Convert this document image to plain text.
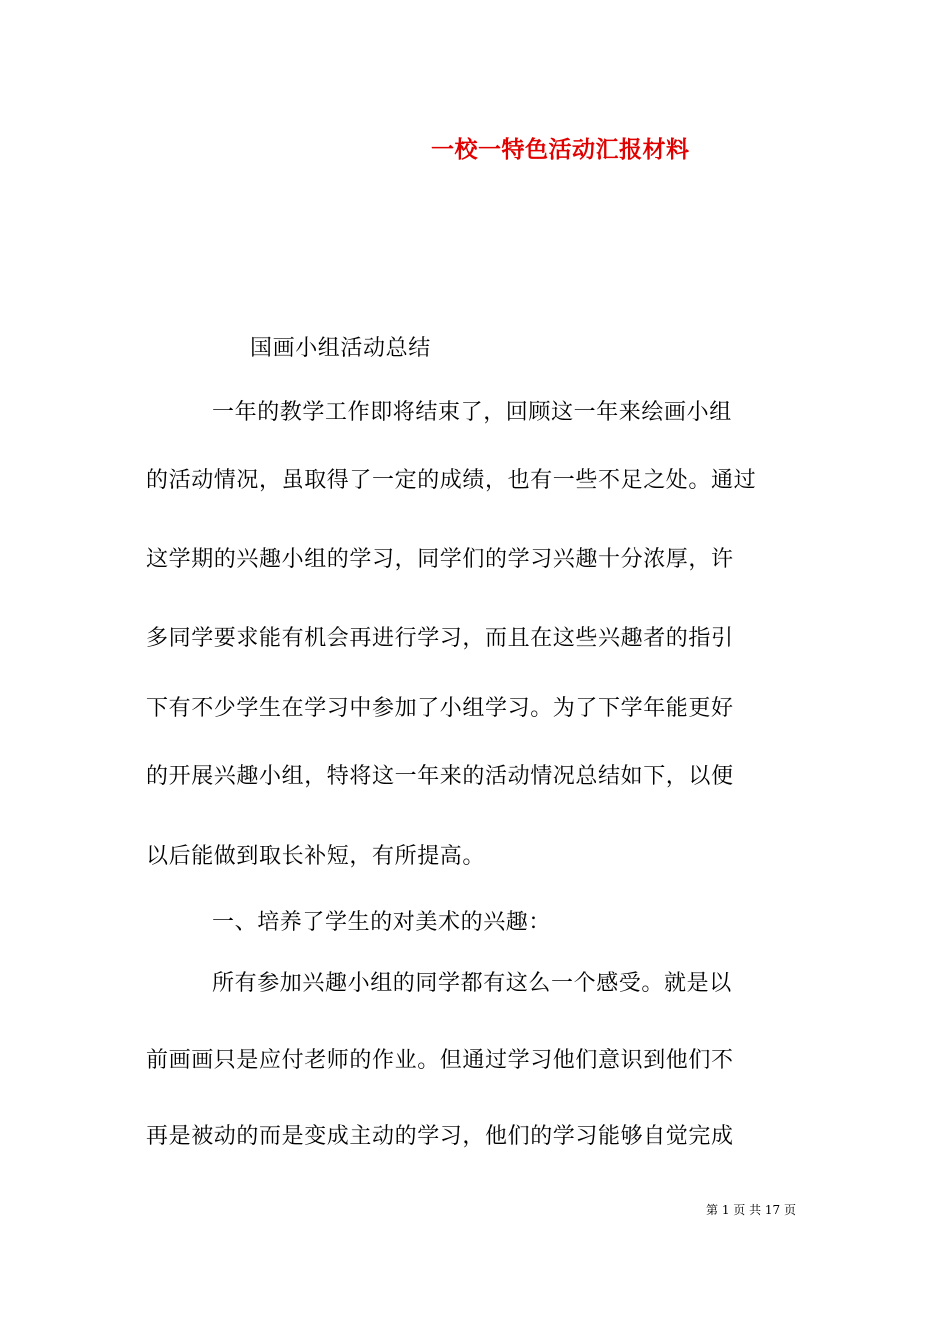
一校一特色活动汇报材料

国画小组活动总结

一年的教学工作即将结束了，回顾这一年来绘画小组

的活动情况，虽取得了一定的成绩，也有一些不足之处。通过

这学期的兴趣小组的学习，同学们的学习兴趣十分浓厚，许

多同学要求能有机会再进行学习，而且在这些兴趣者的指引

下有不少学生在学习中参加了小组学习。为了下学年能更好

的开展兴趣小组，特将这一年来的活动情况总结如下，以便

以后能做到取长补短，有所提高。

一、培养了学生的对美术的兴趣：

所有参加兴趣小组的同学都有这么一个感受。就是以

前画画只是应付老师的作业。但通过学习他们意识到他们不

再是被动的而是变成主动的学习，他们的学习能够自觉完成

第 1 页 共 17 页
